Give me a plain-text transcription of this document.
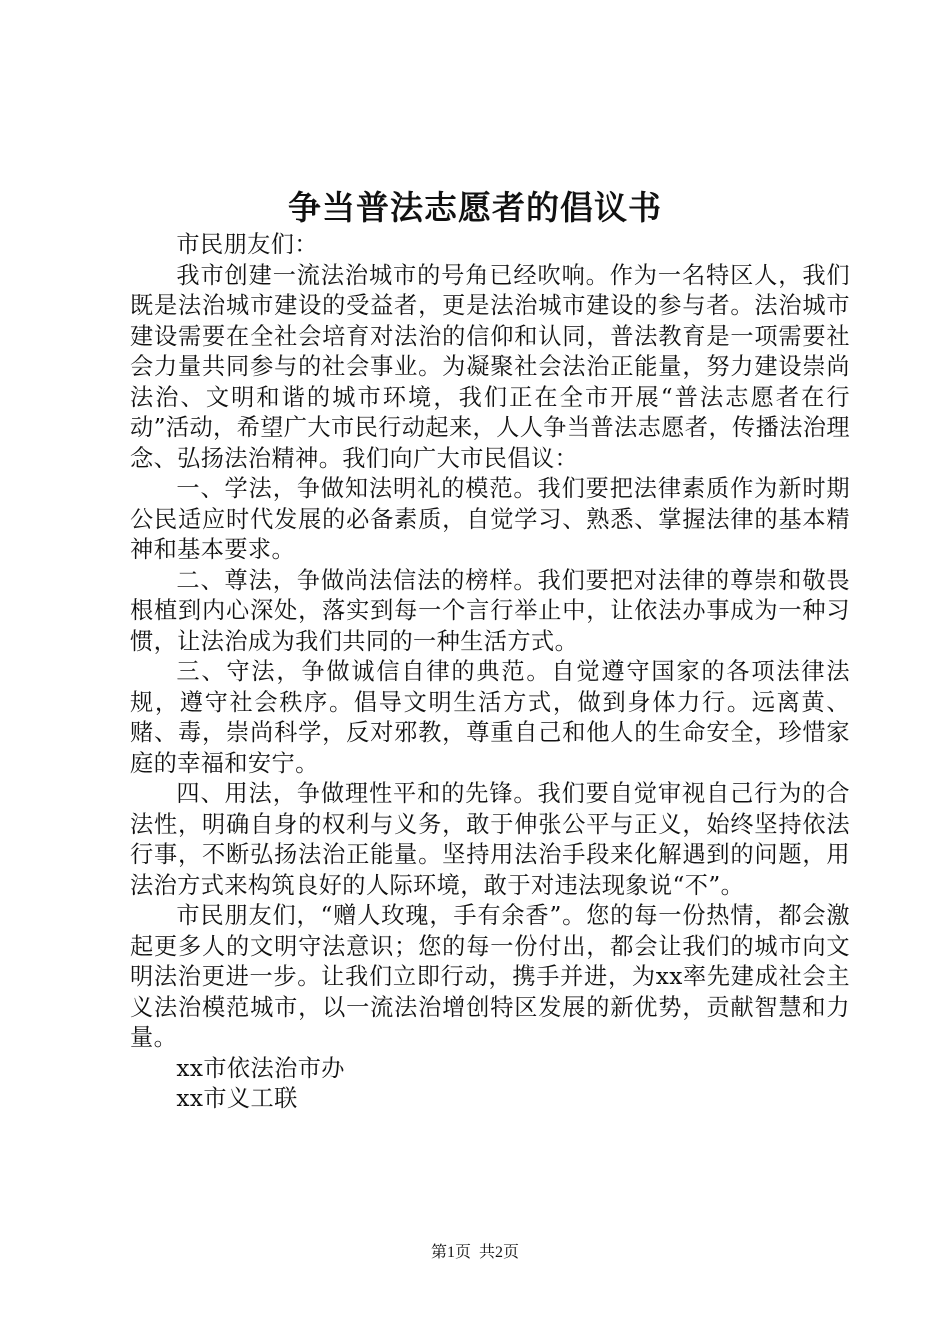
争当普法志愿者的倡议书

市民朋友们：

我市创建一流法治城市的号角已经吹响。作为一名特区人，我们既是法治城市建设的受益者，更是法治城市建设的参与者。法治城市建设需要在全社会培育对法治的信仰和认同，普法教育是一项需要社会力量共同参与的社会事业。为凝聚社会法治正能量，努力建设崇尚法治、文明和谐的城市环境，我们正在全市开展“普法志愿者在行动”活动，希望广大市民行动起来，人人争当普法志愿者，传播法治理念、弘扬法治精神。我们向广大市民倡议：

一、学法，争做知法明礼的模范。我们要把法律素质作为新时期公民适应时代发展的必备素质，自觉学习、熟悉、掌握法律的基本精神和基本要求。

二、尊法，争做尚法信法的榜样。我们要把对法律的尊崇和敬畏根植到内心深处，落实到每一个言行举止中，让依法办事成为一种习惯，让法治成为我们共同的一种生活方式。

三、守法，争做诚信自律的典范。自觉遵守国家的各项法律法规，遵守社会秩序。倡导文明生活方式，做到身体力行。远离黄、赌、毒，崇尚科学，反对邪教，尊重自己和他人的生命安全，珍惜家庭的幸福和安宁。

四、用法，争做理性平和的先锋。我们要自觉审视自己行为的合法性，明确自身的权利与义务，敢于伸张公平与正义，始终坚持依法行事，不断弘扬法治正能量。坚持用法治手段来化解遇到的问题，用法治方式来构筑良好的人际环境，敢于对违法现象说“不”。

市民朋友们，“赠人玫瑰，手有余香”。您的每一份热情，都会激起更多人的文明守法意识；您的每一份付出，都会让我们的城市向文明法治更进一步。让我们立即行动，携手并进，为xx率先建成社会主义法治模范城市，以一流法治增创特区发展的新优势，贡献智慧和力量。

xx市依法治市办

xx市义工联

第1页 共2页
